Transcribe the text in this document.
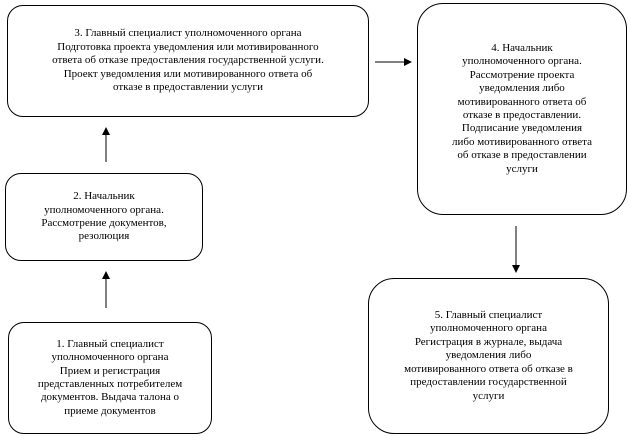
3. Главный специалист уполномоченного органа
Подготовка проекта уведомления или мотивированного
ответа об отказе предоставления государственной услуги.
Проект уведомления или мотивированного ответа об
отказе в предоставлении услуги
4. Начальник
уполномоченного органа.
Рассмотрение проекта
уведомления либо
мотивированного ответа об
отказе в предоставлении.
Подписание уведомления
либо мотивированного ответа
об отказе в предоставлении
услуги
2. Начальник
уполномоченного органа.
Рассмотрение документов,
резолюция
5. Главный специалист
уполномоченного органа
Регистрация в журнале, выдача
уведомления либо
мотивированного ответа об отказе в
предоставлении государственной
услуги
1. Главный специалист
уполномоченного органа
Прием и регистрация
представленных потребителем
документов. Выдача талона о
приеме документов
